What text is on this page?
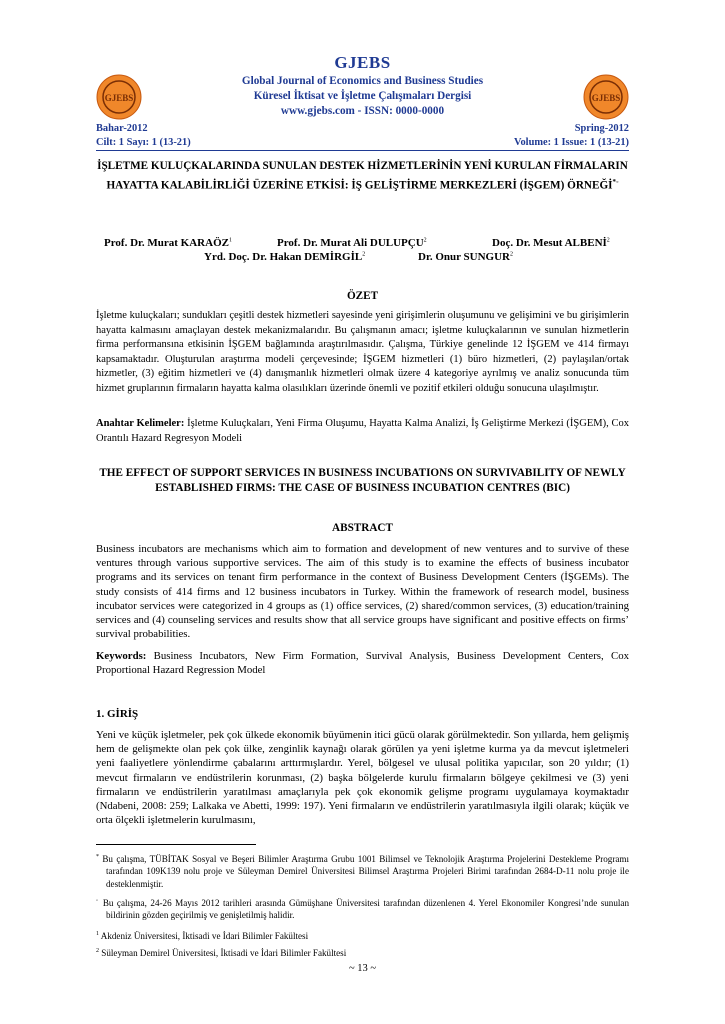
GJEBS	GJEBS
GJEBS
Global Journal of Economics and Business Studies
Küresel İktisat ve İşletme Çalışmaları Dergisi
www.gjebs.com - ISSN: 0000-0000
Bahar-2012	Spring-2012
Cilt: 1 Sayı: 1 (13-21)	Volume: 1 Issue: 1 (13-21)
İŞLETME KULUÇKALARINDA SUNULAN DESTEK HİZMETLERİNİN YENİ KURULAN FİRMALARIN HAYATTA KALABİLİRLİĞİ ÜZERİNE ETKİSİ: İŞ GELİŞTİRME MERKEZLERİ (İŞGEM) ÖRNEĞİ*◦
Prof. Dr. Murat KARAÖZ$^1$	Prof. Dr. Murat Ali DULUPÇU$^2$	Doç. Dr. Mesut ALBENİ$^2$
Yrd. Doç. Dr. Hakan DEMİRGİL$^2$	Dr. Onur SUNGUR$^2$
ÖZET
İşletme kuluçkaları; sundukları çeşitli destek hizmetleri sayesinde yeni girişimlerin oluşumunu ve gelişimini ve bu girişimlerin hayatta kalmasını amaçlayan destek mekanizmalarıdır. Bu çalışmanın amacı; işletme kuluçkalarının ve sunulan hizmetlerin firma performansına etkisinin İŞGEM bağlamında araştırılmasıdır. Çalışma, Türkiye genelinde 12 İŞGEM ve 414 firmayı kapsamaktadır. Oluşturulan araştırma modeli çerçevesinde; İŞGEM hizmetleri (1) büro hizmetleri, (2) paylaşılan/ortak hizmetler, (3) eğitim hizmetleri ve (4) danışmanlık hizmetleri olmak üzere 4 kategoriye ayrılmış ve analiz sonucunda tüm hizmet gruplarının firmaların hayatta kalma olasılıkları üzerinde önemli ve pozitif etkileri olduğu sonucuna ulaşılmıştır.
Anahtar Kelimeler: İşletme Kuluçkaları, Yeni Firma Oluşumu, Hayatta Kalma Analizi, İş Geliştirme Merkezi (İŞGEM), Cox Orantılı Hazard Regresyon Modeli
THE EFFECT OF SUPPORT SERVICES IN BUSINESS INCUBATIONS ON SURVIVABILITY OF NEWLY ESTABLISHED FIRMS: THE CASE OF BUSINESS INCUBATION CENTRES (BIC)
ABSTRACT
Business incubators are mechanisms which aim to formation and development of new ventures and to survive of these ventures through various supportive services. The aim of this study is to examine the effects of business incubator programs and its services on tenant firm performance in the context of Business Development Centers (İŞGEMs). The study consists of 414 firms and 12 business incubators in Turkey. Within the framework of research model, business incubator services were categorized in 4 groups as (1) office services, (2) shared/common services, (3) education/training services and (4) counseling services and results show that all service groups have significant and positive effects on firms’ survival probabilities.
Keywords: Business Incubators, New Firm Formation, Survival Analysis, Business Development Centers, Cox Proportional Hazard Regression Model
1. GİRİŞ
Yeni ve küçük işletmeler, pek çok ülkede ekonomik büyümenin itici gücü olarak görülmektedir. Son yıllarda, hem gelişmiş hem de gelişmekte olan pek çok ülke, zenginlik kaynağı olarak görülen ya yeni işletme kurma ya da mevcut işletmeleri yeni faaliyetlere yönlendirme çabalarını arttırmışlardır. Yerel, bölgesel ve ulusal politika yapıcılar, son 20 yıldır; (1) mevcut firmaların ve endüstrilerin korunması, (2) başka bölgelerde kurulu firmaların bölgeye çekilmesi ve (3) yeni firmaların ve endüstrilerin yaratılması amaçlarıyla pek çok ekonomik gelişme programı uygulamaya koymaktadır (Ndabeni, 2008: 259; Lalkaka ve Abetti, 1999: 197). Yeni firmaların ve endüstrilerin yaratılmasıyla ilgili olarak; küçük ve orta ölçekli işletmelerin kurulmasını,
* Bu çalışma, TÜBİTAK Sosyal ve Beşeri Bilimler Araştırma Grubu 1001 Bilimsel ve Teknolojik Araştırma Projelerini Destekleme Programı tarafından 109K139 nolu proje ve Süleyman Demirel Üniversitesi Bilimsel Araştırma Projeleri Birimi tarafından 2684-D-11 nolu proje ile desteklenmiştir.
◦ Bu çalışma, 24-26 Mayıs 2012 tarihleri arasında Gümüşhane Üniversitesi tarafından düzenlenen 4. Yerel Ekonomiler Kongresi’nde sunulan bildirinin gözden geçirilmiş ve genişletilmiş halidir.
$^1$ Akdeniz Üniversitesi, İktisadi ve İdari Bilimler Fakültesi
$^2$ Süleyman Demirel Üniversitesi, İktisadi ve İdari Bilimler Fakültesi
~ 13 ~
